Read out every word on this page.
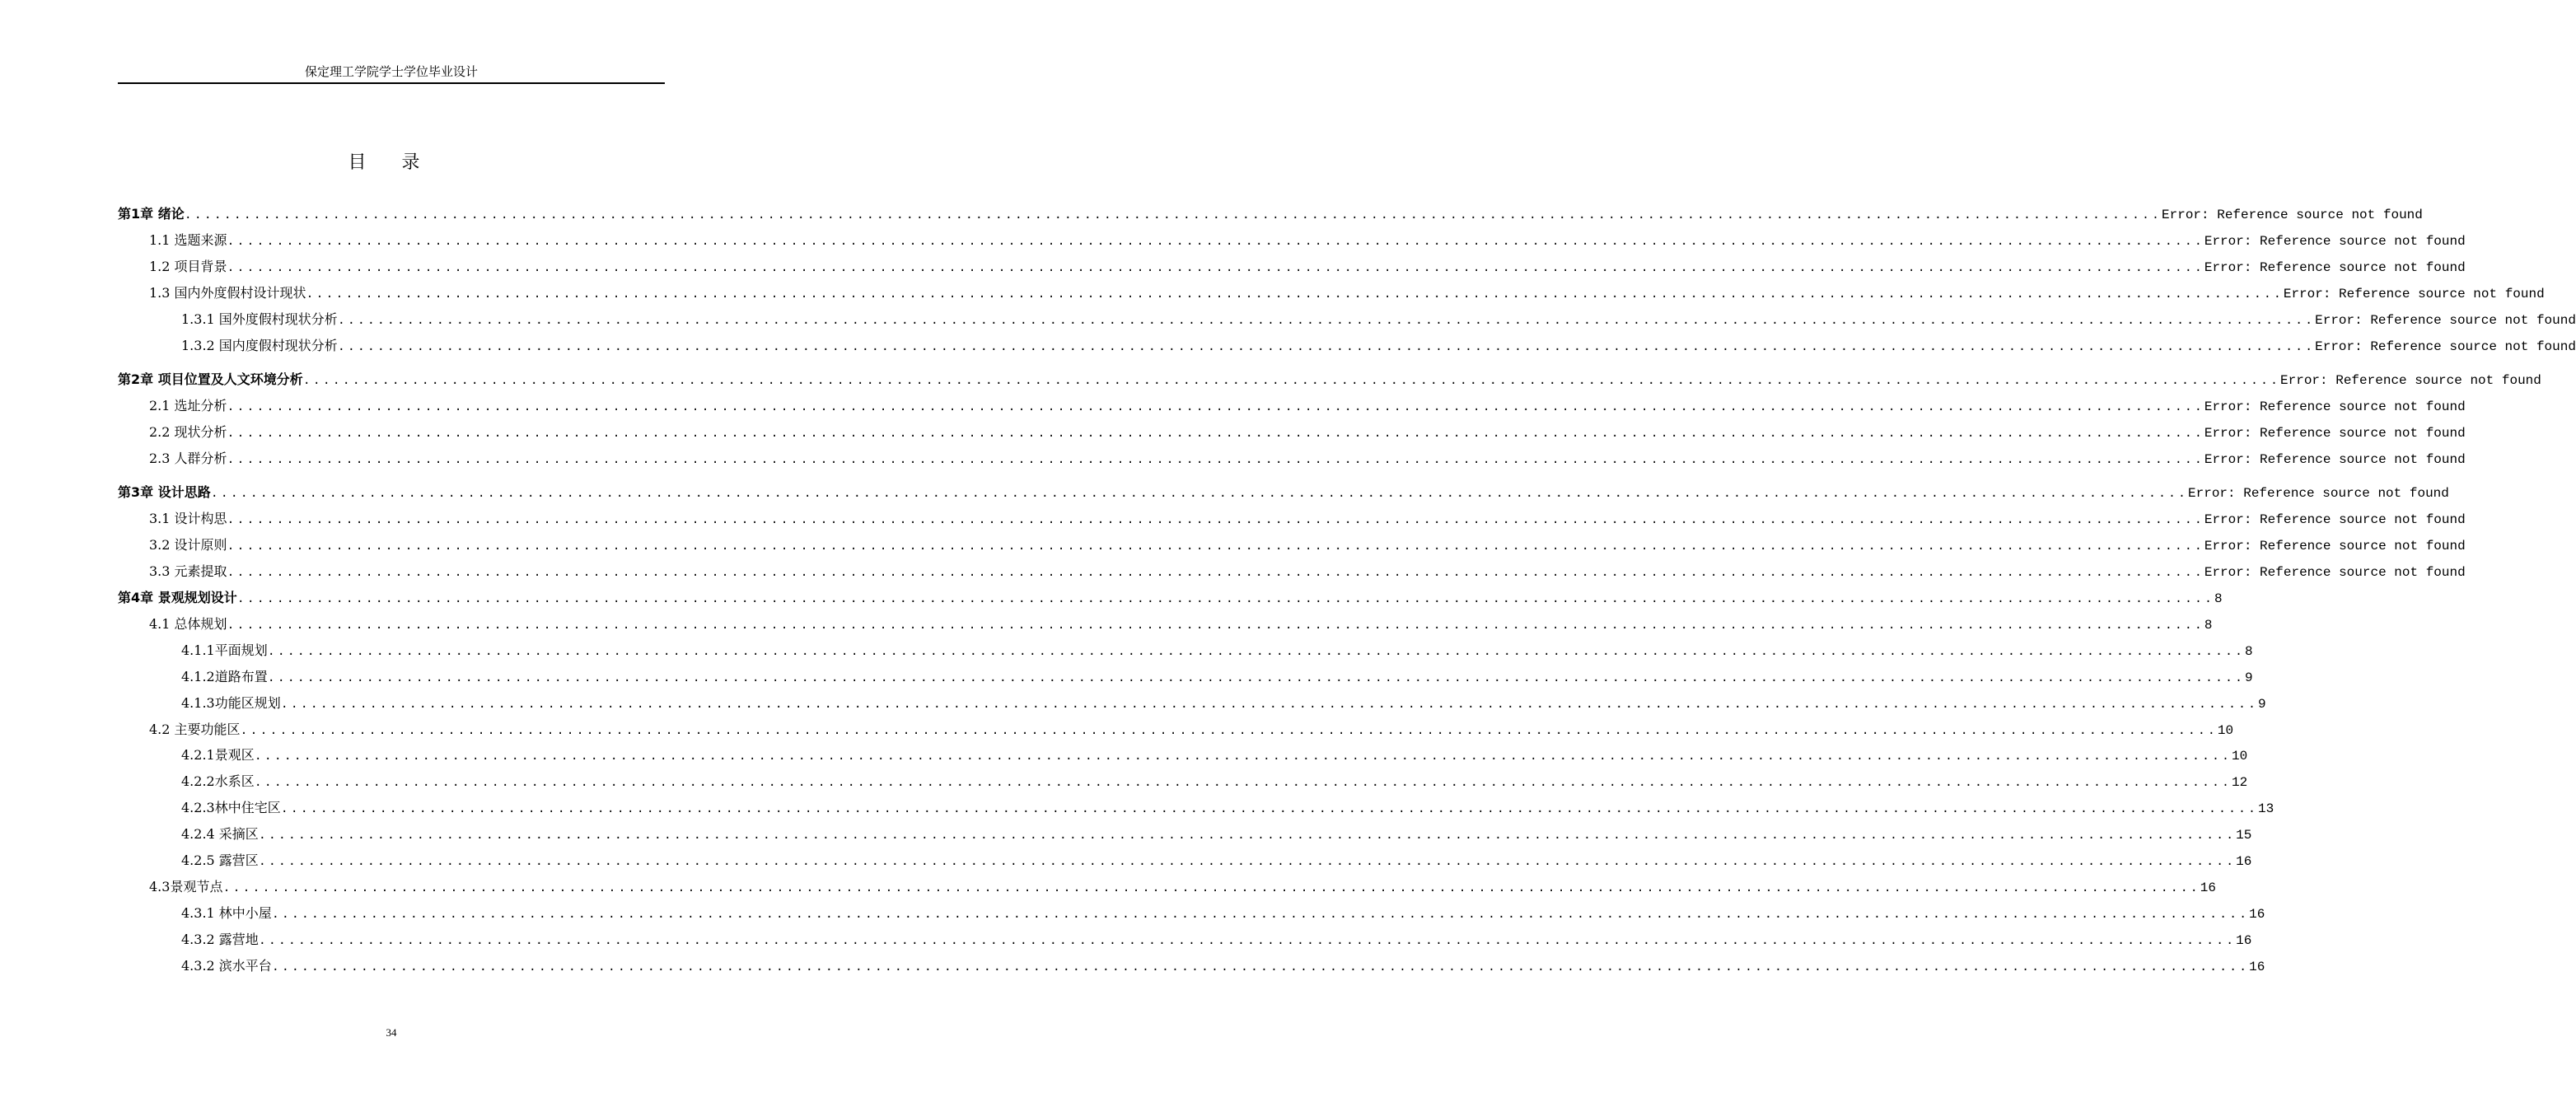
保定理工学院学士学位毕业设计
目 录
第1章 绪论 ........................................................................................................................................................................................................ Error: Reference source not found
1.1 选题来源 ........................................................................................................................................................................................................ Error: Reference source not found
1.2 项目背景 ........................................................................................................................................................................................................ Error: Reference source not found
1.3 国内外度假村设计现状 ........................................................................................................................................................................................................ Error: Reference source not found
1.3.1 国外度假村现状分析 ........................................................................................................................................................................................................ Error: Reference source not found
1.3.2 国内度假村现状分析 ........................................................................................................................................................................................................ Error: Reference source not found
第2章 项目位置及人文环境分析 ........................................................................................................................................................................................................ Error: Reference source not found
2.1 选址分析 ........................................................................................................................................................................................................ Error: Reference source not found
2.2 现状分析 ........................................................................................................................................................................................................ Error: Reference source not found
2.3 人群分析 ........................................................................................................................................................................................................ Error: Reference source not found
第3章 设计思路 ........................................................................................................................................................................................................ Error: Reference source not found
3.1 设计构思 ........................................................................................................................................................................................................ Error: Reference source not found
3.2 设计原则 ........................................................................................................................................................................................................ Error: Reference source not found
3.3 元素提取 ........................................................................................................................................................................................................ Error: Reference source not found
第4章 景观规划设计 ........................................................................................................................................................................................................ 8
4.1 总体规划 ........................................................................................................................................................................................................ 8
4.1.1平面规划 ........................................................................................................................................................................................................ 8
4.1.2道路布置 ........................................................................................................................................................................................................ 9
4.1.3功能区规划 ........................................................................................................................................................................................................ 9
4.2 主要功能区 ........................................................................................................................................................................................................ 10
4.2.1景观区 ........................................................................................................................................................................................................ 10
4.2.2水系区 ........................................................................................................................................................................................................ 12
4.2.3林中住宅区 ........................................................................................................................................................................................................ 13
4.2.4 采摘区 ........................................................................................................................................................................................................ 15
4.2.5 露营区 ........................................................................................................................................................................................................ 16
4.3景观节点 ........................................................................................................................................................................................................ 16
4.3.1 林中小屋 ........................................................................................................................................................................................................ 16
4.3.2 露营地 ........................................................................................................................................................................................................ 16
4.3.2 滨水平台 ........................................................................................................................................................................................................ 16
34
